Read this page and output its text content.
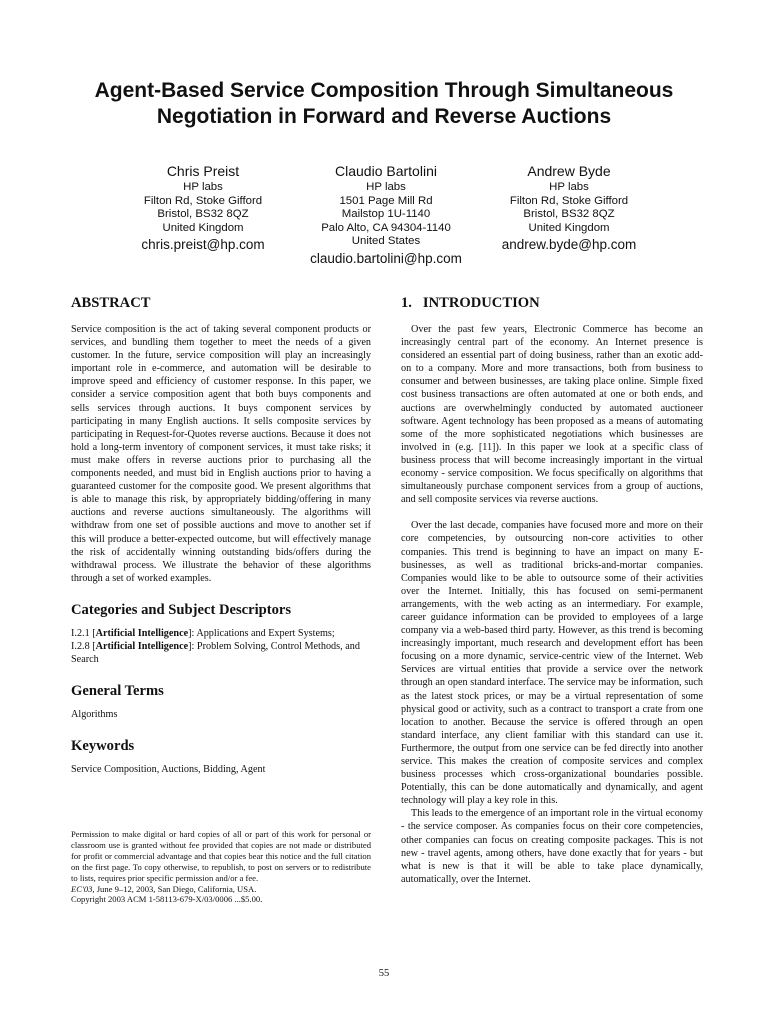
Agent-Based Service Composition Through Simultaneous
Negotiation in Forward and Reverse Auctions
Chris Preist
HP labs
Filton Rd, Stoke Gifford
Bristol, BS32 8QZ
United Kingdom
chris.preist@hp.com
Claudio Bartolini
HP labs
1501 Page Mill Rd
Mailstop 1U-1140
Palo Alto, CA 94304-1140
United States
claudio.bartolini@hp.com
Andrew Byde
HP labs
Filton Rd, Stoke Gifford
Bristol, BS32 8QZ
United Kingdom
andrew.byde@hp.com
ABSTRACT

Service composition is the act of taking several component products or services, and bundling them together to meet the needs of a given customer. In the future, service composition will play an increasingly important role in e-commerce, and automation will be desirable to improve speed and efficiency of customer response. In this paper, we consider a service composition agent that both buys components and sells services through auctions. It buys component services by participating in many English auctions. It sells composite services by participating in Request-for-Quotes reverse auctions. Because it does not hold a long-term inventory of component services, it must take risks; it must make offers in reverse auctions prior to purchasing all the components needed, and must bid in English auctions prior to having a guaranteed customer for the composite good. We present algorithms that is able to manage this risk, by appropriately bidding/offering in many auctions and reverse auctions simultaneously. The algorithms will withdraw from one set of possible auctions and move to another set if this will produce a better-expected outcome, but will effectively manage the risk of accidentally winning outstanding bids/offers during the withdrawal process. We illustrate the behavior of these algorithms through a set of worked examples.

Categories and Subject Descriptors

I.2.1 [Artificial Intelligence]: Applications and Expert Systems;
I.2.8 [Artificial Intelligence]: Problem Solving, Control Methods, and Search

General Terms

Algorithms

Keywords

Service Composition, Auctions, Bidding, Agent

Permission to make digital or hard copies of all or part of this work for personal or classroom use is granted without fee provided that copies are not made or distributed for profit or commercial advantage and that copies bear this notice and the full citation on the first page. To copy otherwise, to republish, to post on servers or to redistribute to lists, requires prior specific permission and/or a fee.
EC'03, June 9–12, 2003, San Diego, California, USA.
Copyright 2003 ACM 1-58113-679-X/03/0006 ...$5.00.
1.   INTRODUCTION

Over the past few years, Electronic Commerce has become an increasingly central part of the economy. An Internet presence is considered an essential part of doing business, rather than an exotic add-on to a company. More and more transactions, both from business to consumer and between businesses, are taking place online. Simple fixed cost business transactions are often automated at one or both ends, and auctions are overwhelmingly conducted by automated auctioneer software. Agent technology has been proposed as a means of automating some of the more sophisticated negotiations which businesses are involved in (e.g. [11]). In this paper we look at a specific class of business process that will become increasingly important in the virtual economy - service composition. We focus specifically on algorithms that simultaneously purchase component services from a group of auctions, and sell composite services via reverse auctions.

Over the last decade, companies have focused more and more on their core competencies, by outsourcing non-core activities to other companies. This trend is beginning to have an impact on many E-businesses, as well as traditional bricks-and-mortar companies. Companies would like to be able to outsource some of their activities over the Internet. Initially, this has focused on semi-permanent arrangements, with the web acting as an intermediary. For example, career guidance information can be provided to employees of a large company via a web-based third party. However, as this trend is becoming increasingly important, much research and development effort has been focusing on a more dynamic, service-centric view of the Internet. Web Services are virtual entities that provide a service over the network through an open standard interface. The service may be information, such as the latest stock prices, or may be a virtual representation of some physical good or activity, such as a contract to transport a crate from one location to another. Because the service is offered through an open standard interface, any client familiar with this standard can use it. Furthermore, the output from one service can be fed directly into another service. This makes the creation of composite services and complex business processes which cross-organizational boundaries possible. Potentially, this can be done automatically and dynamically, and agent technology will play a key role in this.

This leads to the emergence of an important role in the virtual economy - the service composer. As companies focus on their core competencies, other companies can focus on creating composite packages. This is not new - travel agents, among others, have done exactly that for years - but what is new is that it will be able to take place dynamically, automatically, over the Internet.

55
